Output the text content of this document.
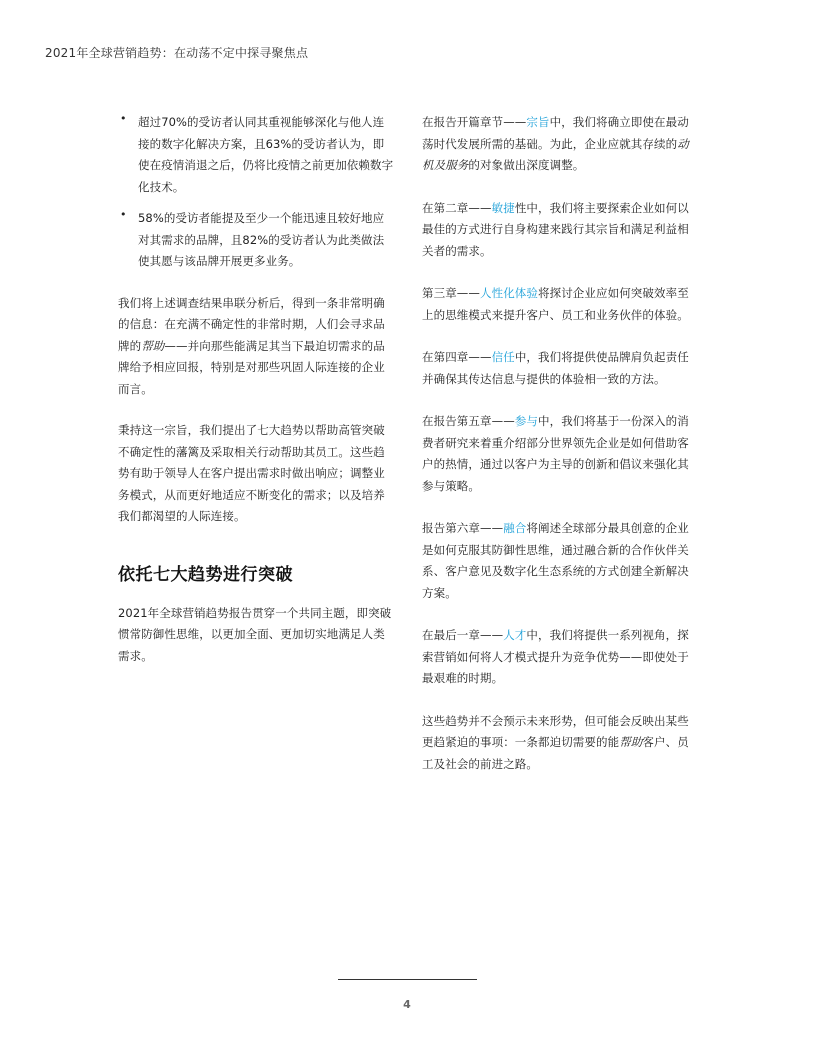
2021年全球营销趋势：在动荡不定中探寻聚焦点
• 超过70%的受访者认同其重视能够深化与他人连接的数字化解决方案，且63%的受访者认为，即使在疫情消退之后，仍将比疫情之前更加依赖数字化技术。

• 58%的受访者能提及至少一个能迅速且较好地应对其需求的品牌，且82%的受访者认为此类做法使其愿与该品牌开展更多业务。

我们将上述调查结果串联分析后，得到一条非常明确的信息：在充满不确定性的非常时期，人们会寻求品牌的帮助——并向那些能满足其当下最迫切需求的品牌给予相应回报，特别是对那些巩固人际连接的企业而言。

秉持这一宗旨，我们提出了七大趋势以帮助高管突破不确定性的藩篱及采取相关行动帮助其员工。这些趋势有助于领导人在客户提出需求时做出响应；调整业务模式，从而更好地适应不断变化的需求；以及培养我们都渴望的人际连接。

依托七大趋势进行突破

2021年全球营销趋势报告贯穿一个共同主题，即突破惯常防御性思维，以更加全面、更加切实地满足人类需求。

在报告开篇章节——宗旨中，我们将确立即使在最动荡时代发展所需的基础。为此，企业应就其存续的动机及服务的对象做出深度调整。

在第二章——敏捷性中，我们将主要探索企业如何以最佳的方式进行自身构建来践行其宗旨和满足利益相关者的需求。

第三章——人性化体验将探讨企业应如何突破效率至上的思维模式来提升客户、员工和业务伙伴的体验。

在第四章——信任中，我们将提供使品牌肩负起责任并确保其传达信息与提供的体验相一致的方法。

在报告第五章——参与中，我们将基于一份深入的消费者研究来着重介绍部分世界领先企业是如何借助客户的热情，通过以客户为主导的创新和倡议来强化其参与策略。

报告第六章——融合将阐述全球部分最具创意的企业是如何克服其防御性思维，通过融合新的合作伙伴关系、客户意见及数字化生态系统的方式创建全新解决方案。

在最后一章——人才中，我们将提供一系列视角，探索营销如何将人才模式提升为竞争优势——即使处于最艰难的时期。

这些趋势并不会预示未来形势，但可能会反映出某些更趋紧迫的事项：一条都迫切需要的能帮助客户、员工及社会的前进之路。

4
